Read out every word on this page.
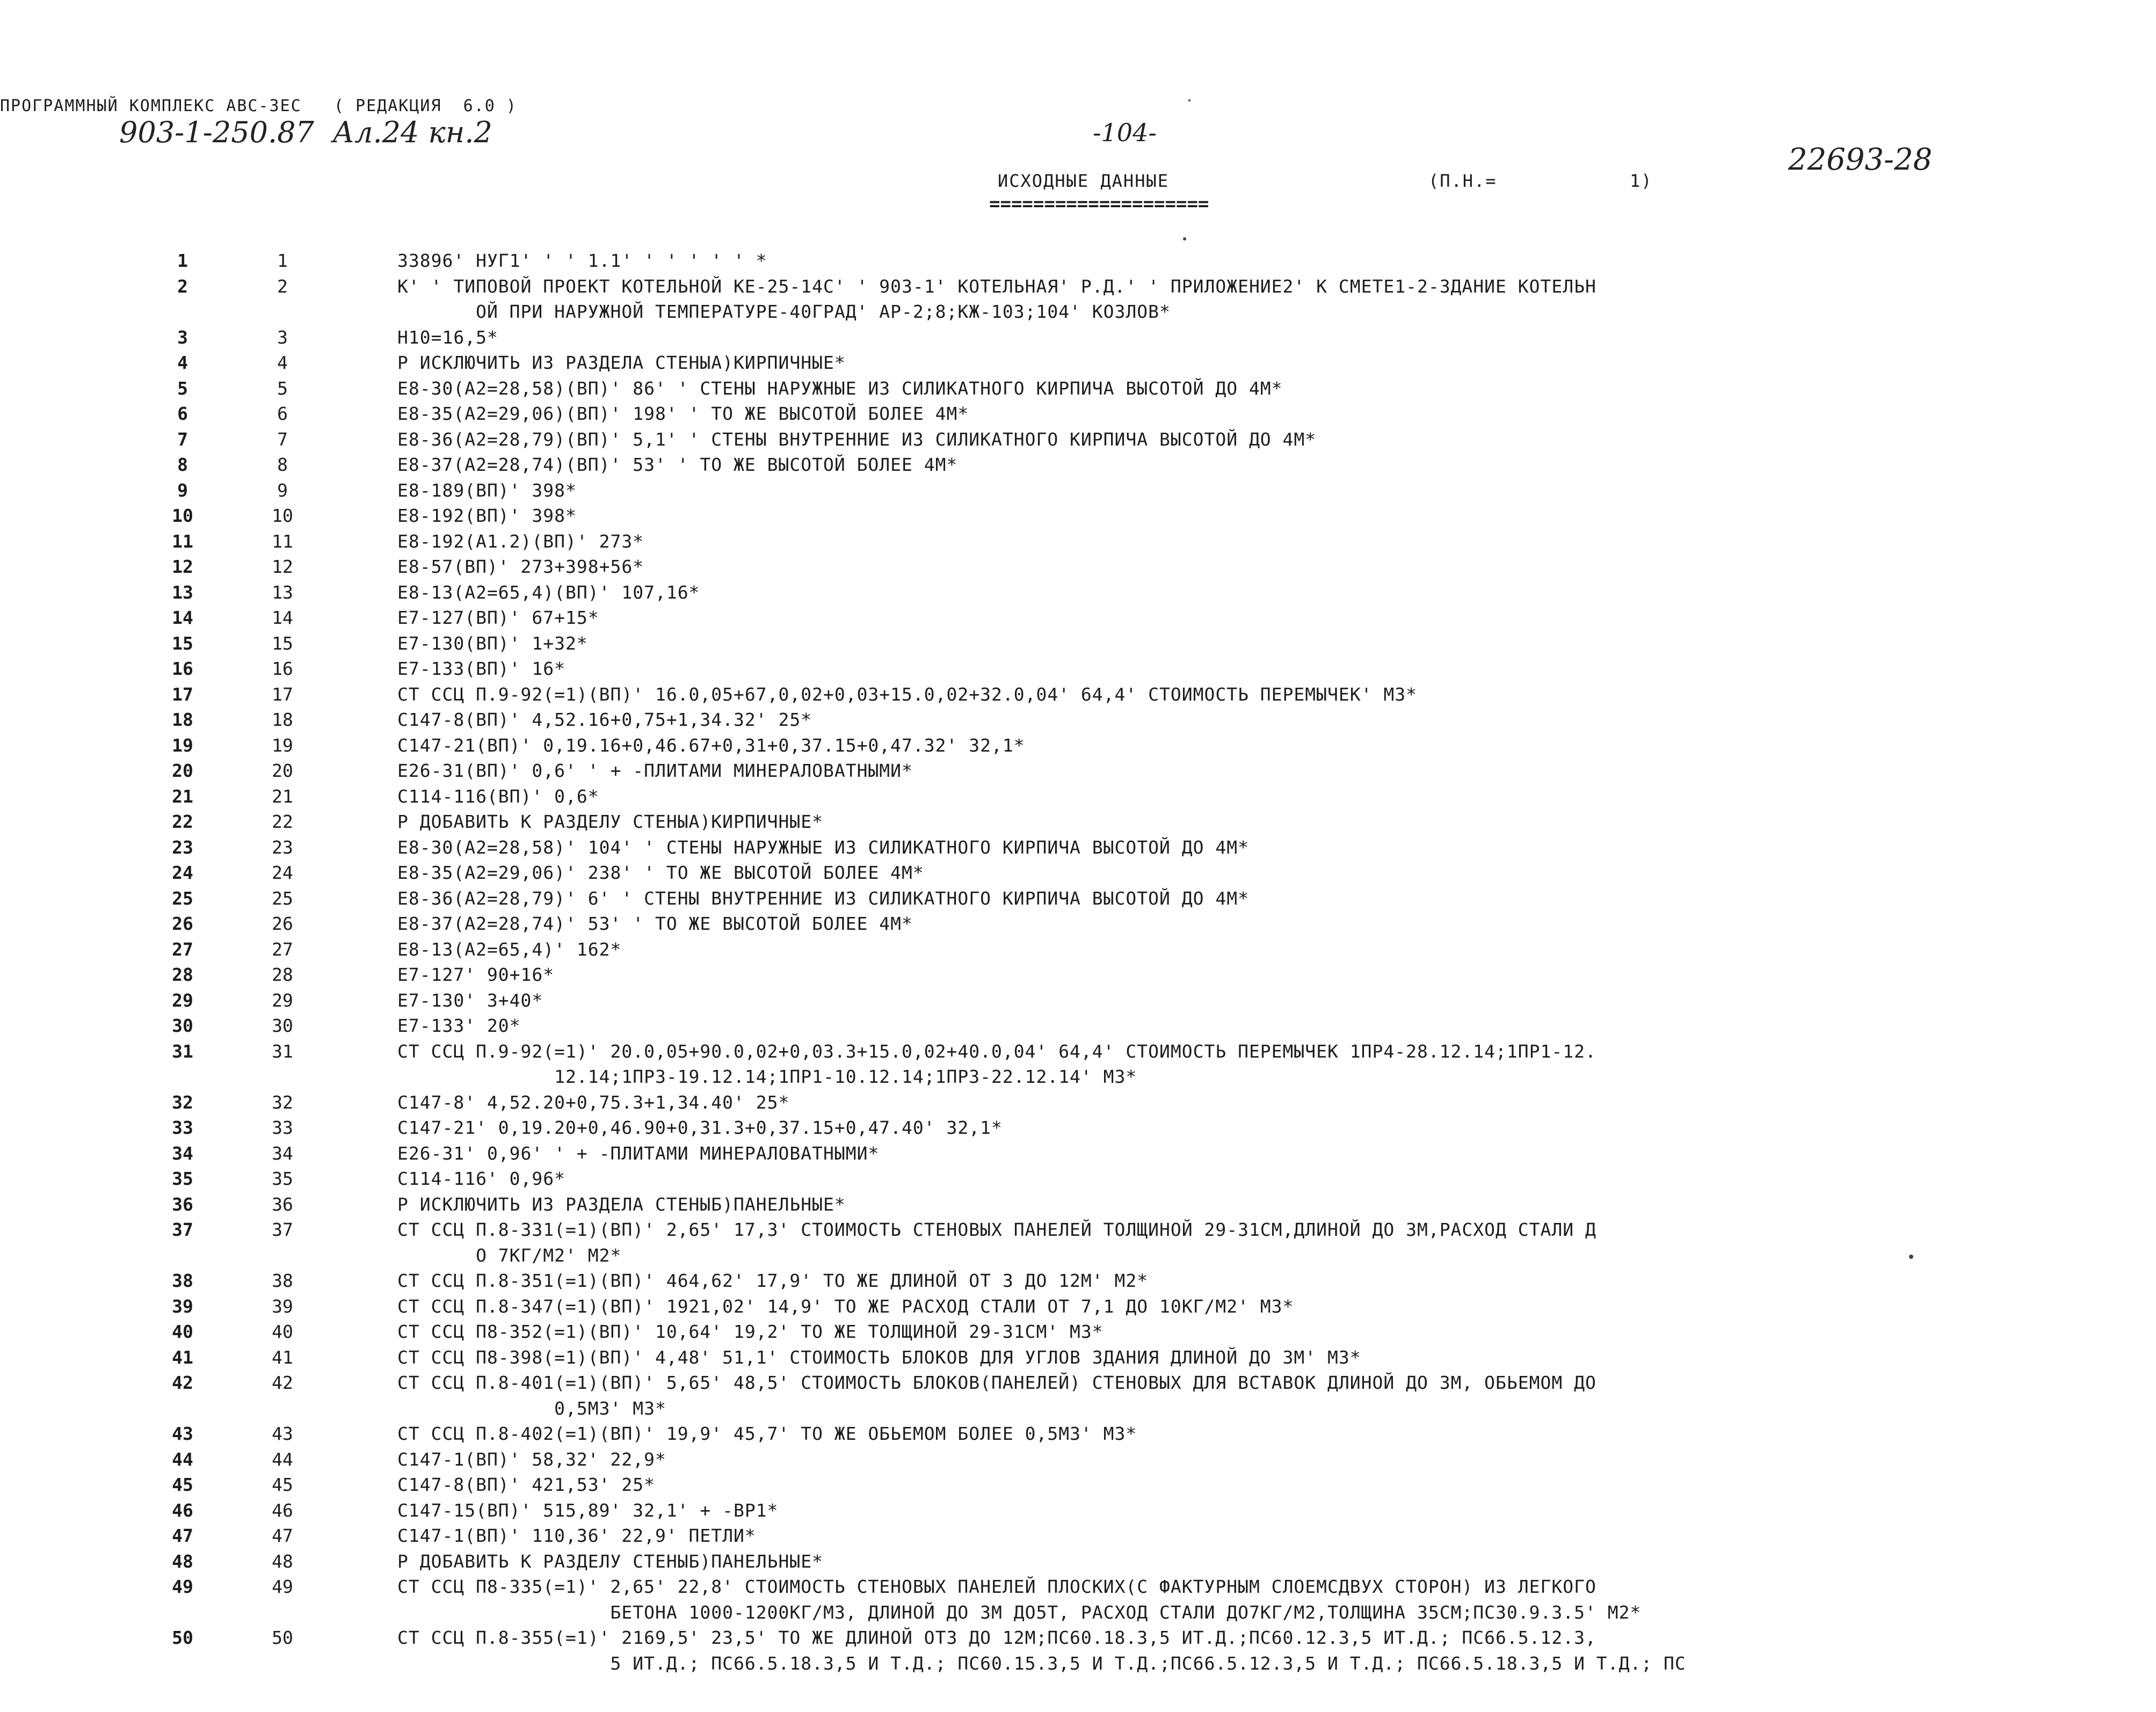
ПРОГРАММНЫЙ КОМПЛЕКС АВС-3ЕС   ( РЕДАКЦИЯ  6.0 )
903-1-250.87  Ал.24 кн.2	-104-
22693-28
ИСХОДНЫЕ ДАННЫЕ
====================
(П.Н.=	1)
1	1	33896' НУГ1' ' ' 1.1' ' ' ' ' ' *
2	2	К' ' ТИПОВОЙ ПРОЕКТ КОТЕЛЬНОЙ КЕ-25-14С' ' 903-1' КОТЕЛЬНАЯ' Р.Д.' ' ПРИЛОЖЕНИЕ2' К СМЕТЕ1-2-ЗДАНИЕ КОТЕЛЬН
ОЙ ПРИ НАРУЖНОЙ ТЕМПЕРАТУРЕ-40ГРАД' АР-2;8;КЖ-103;104' КОЗЛОВ*
3	3	Н10=16,5*
4	4	Р ИСКЛЮЧИТЬ ИЗ РАЗДЕЛА СТЕНЫА)КИРПИЧНЫЕ*
5	5	Е8-30(А2=28,58)(ВП)' 86' ' СТЕНЫ НАРУЖНЫЕ ИЗ СИЛИКАТНОГО КИРПИЧА ВЫСОТОЙ ДО 4М*
6	6	Е8-35(А2=29,06)(ВП)' 198' ' ТО ЖЕ ВЫСОТОЙ БОЛЕЕ 4М*
7	7	Е8-36(А2=28,79)(ВП)' 5,1' ' СТЕНЫ ВНУТРЕННИЕ ИЗ СИЛИКАТНОГО КИРПИЧА ВЫСОТОЙ ДО 4М*
8	8	Е8-37(А2=28,74)(ВП)' 53' ' ТО ЖЕ ВЫСОТОЙ БОЛЕЕ 4М*
9	9	Е8-189(ВП)' 398*
10	10	Е8-192(ВП)' 398*
11	11	Е8-192(А1.2)(ВП)' 273*
12	12	Е8-57(ВП)' 273+398+56*
13	13	Е8-13(А2=65,4)(ВП)' 107,16*
14	14	Е7-127(ВП)' 67+15*
15	15	Е7-130(ВП)' 1+32*
16	16	Е7-133(ВП)' 16*
17	17	СТ ССЦ П.9-92(=1)(ВП)' 16.0,05+67,0,02+0,03+15.0,02+32.0,04' 64,4' СТОИМОСТЬ ПЕРЕМЫЧЕК' М3*
18	18	С147-8(ВП)' 4,52.16+0,75+1,34.32' 25*
19	19	С147-21(ВП)' 0,19.16+0,46.67+0,31+0,37.15+0,47.32' 32,1*
20	20	Е26-31(ВП)' 0,6' ' + -ПЛИТАМИ МИНЕРАЛОВАТНЫМИ*
21	21	С114-116(ВП)' 0,6*
22	22	Р ДОБАВИТЬ К РАЗДЕЛУ СТЕНЫА)КИРПИЧНЫЕ*
23	23	Е8-30(А2=28,58)' 104' ' СТЕНЫ НАРУЖНЫЕ ИЗ СИЛИКАТНОГО КИРПИЧА ВЫСОТОЙ ДО 4М*
24	24	Е8-35(А2=29,06)' 238' ' ТО ЖЕ ВЫСОТОЙ БОЛЕЕ 4М*
25	25	Е8-36(А2=28,79)' 6' ' СТЕНЫ ВНУТРЕННИЕ ИЗ СИЛИКАТНОГО КИРПИЧА ВЫСОТОЙ ДО 4М*
26	26	Е8-37(А2=28,74)' 53' ' ТО ЖЕ ВЫСОТОЙ БОЛЕЕ 4М*
27	27	Е8-13(А2=65,4)' 162*
28	28	Е7-127' 90+16*
29	29	Е7-130' 3+40*
30	30	Е7-133' 20*
31	31	СТ ССЦ П.9-92(=1)' 20.0,05+90.0,02+0,03.3+15.0,02+40.0,04' 64,4' СТОИМОСТЬ ПЕРЕМЫЧЕК 1ПР4-28.12.14;1ПР1-12.
12.14;1ПР3-19.12.14;1ПР1-10.12.14;1ПР3-22.12.14' М3*
32	32	С147-8' 4,52.20+0,75.3+1,34.40' 25*
33	33	С147-21' 0,19.20+0,46.90+0,31.3+0,37.15+0,47.40' 32,1*
34	34	Е26-31' 0,96' ' + -ПЛИТАМИ МИНЕРАЛОВАТНЫМИ*
35	35	С114-116' 0,96*
36	36	Р ИСКЛЮЧИТЬ ИЗ РАЗДЕЛА СТЕНЫБ)ПАНЕЛЬНЫЕ*
37	37	СТ ССЦ П.8-331(=1)(ВП)' 2,65' 17,3' СТОИМОСТЬ СТЕНОВЫХ ПАНЕЛЕЙ ТОЛЩИНОЙ 29-31СМ,ДЛИНОЙ ДО 3М,РАСХОД СТАЛИ Д
О 7КГ/М2' М2*
38	38	СТ ССЦ П.8-351(=1)(ВП)' 464,62' 17,9' ТО ЖЕ ДЛИНОЙ ОТ 3 ДО 12М' М2*
39	39	СТ ССЦ П.8-347(=1)(ВП)' 1921,02' 14,9' ТО ЖЕ РАСХОД СТАЛИ ОТ 7,1 ДО 10КГ/М2' М3*
40	40	СТ ССЦ П8-352(=1)(ВП)' 10,64' 19,2' ТО ЖЕ ТОЛЩИНОЙ 29-31СМ' М3*
41	41	СТ ССЦ П8-398(=1)(ВП)' 4,48' 51,1' СТОИМОСТЬ БЛОКОВ ДЛЯ УГЛОВ ЗДАНИЯ ДЛИНОЙ ДО 3М' М3*
42	42	СТ ССЦ П.8-401(=1)(ВП)' 5,65' 48,5' СТОИМОСТЬ БЛОКОВ(ПАНЕЛЕЙ) СТЕНОВЫХ ДЛЯ ВСТАВОК ДЛИНОЙ ДО 3М, ОБЬЕМОМ ДО
0,5М3' М3*
43	43	СТ ССЦ П.8-402(=1)(ВП)' 19,9' 45,7' ТО ЖЕ ОБЬЕМОМ БОЛЕЕ 0,5М3' М3*
44	44	С147-1(ВП)' 58,32' 22,9*
45	45	С147-8(ВП)' 421,53' 25*
46	46	С147-15(ВП)' 515,89' 32,1' + -ВР1*
47	47	С147-1(ВП)' 110,36' 22,9' ПЕТЛИ*
48	48	Р ДОБАВИТЬ К РАЗДЕЛУ СТЕНЫБ)ПАНЕЛЬНЫЕ*
49	49	СТ ССЦ П8-335(=1)' 2,65' 22,8' СТОИМОСТЬ СТЕНОВЫХ ПАНЕЛЕЙ ПЛОСКИХ(С ФАКТУРНЫМ СЛОЕМСДВУХ СТОРОН) ИЗ ЛЕГКОГО
БЕТОНА 1000-1200КГ/М3, ДЛИНОЙ ДО 3М ДО5Т, РАСХОД СТАЛИ ДО7КГ/М2,ТОЛЩИНА 35СМ;ПС30.9.3.5' М2*
50	50	СТ ССЦ П.8-355(=1)' 2169,5' 23,5' ТО ЖЕ ДЛИНОЙ ОТ3 ДО 12М;ПС60.18.3,5 ИТ.Д.;ПС60.12.3,5 ИТ.Д.; ПС66.5.12.3,
5 ИТ.Д.; ПС66.5.18.3,5 И Т.Д.; ПС60.15.3,5 И Т.Д.;ПС66.5.12.3,5 И Т.Д.; ПС66.5.18.3,5 И Т.Д.; ПС
